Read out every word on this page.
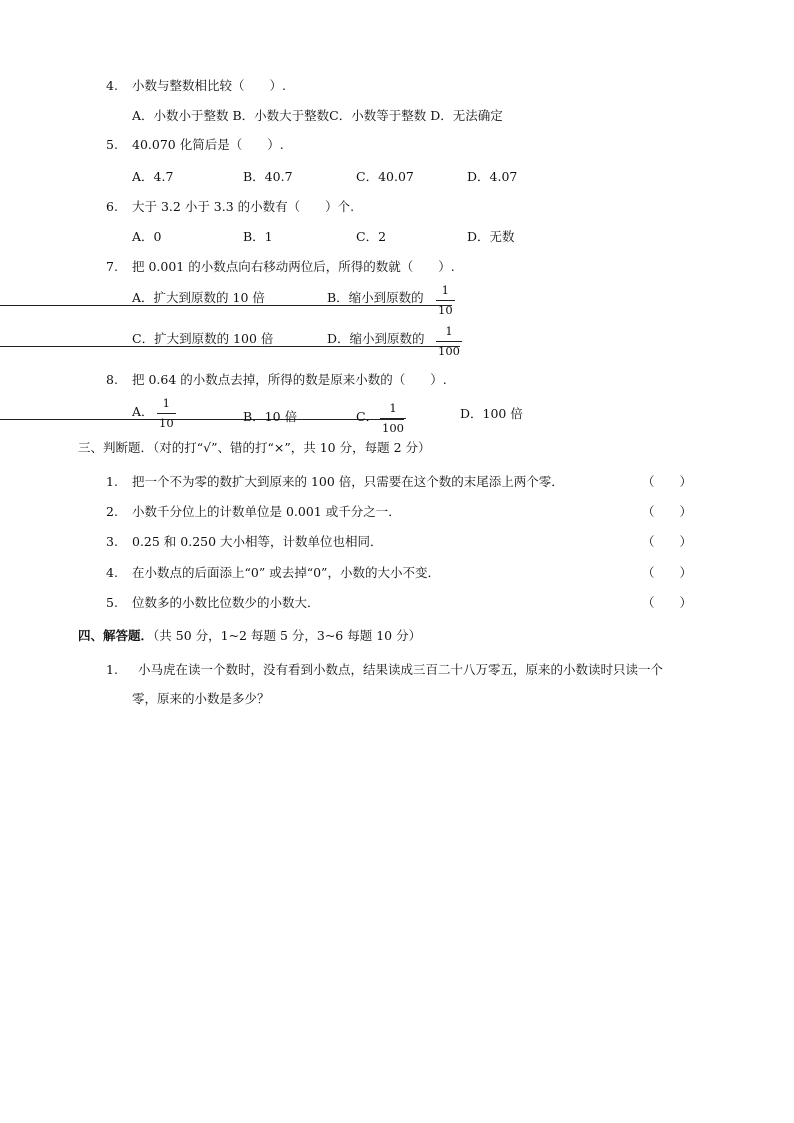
4. 小数与整数相比较（　　）.
A．小数小于整数 B．小数大于整数C．小数等于整数 D．无法确定
5. 40.070 化简后是（　　）.
A．4.7	B．40.7	C．40.07	D．4.07
6. 大于 3.2 小于 3.3 的小数有（　　）个.
A．0	B．1	C．2	D．无数
7. 把 0.001 的小数点向右移动两位后，所得的数就（　　）.
A．扩大到原数的 10 倍	B．缩小到原数的 1
10
C．扩大到原数的 100 倍	D．缩小到原数的 1
100
8. 把 0.64 的小数点去掉，所得的数是原来小数的（　　）.
A．
1
10	B．10 倍	C．
1
100
D．100 倍
三、判断题．（对的打“√”、错的打“×”，共 10 分，每题 2 分）
1. 把一个不为零的数扩大到原来的 100 倍，只需要在这个数的末尾添上两个零．	（　　）
2. 小数千分位上的计数单位是 0.001 或千分之一．	（　　）
3. 0.25 和 0.250 大小相等，计数单位也相同．	（　　）
4. 在小数点的后面添上“0” 或去掉“0”，小数的大小不变．	（　　）
5. 位数多的小数比位数少的小数大．	（　　）
四、解答题．（共 50 分，1~2 每题 5 分，3~6 每题 10 分）
1. 小马虎在读一个数时，没有看到小数点，结果读成三百二十八万零五，原来的小数读时只读一个
零，原来的小数是多少？
